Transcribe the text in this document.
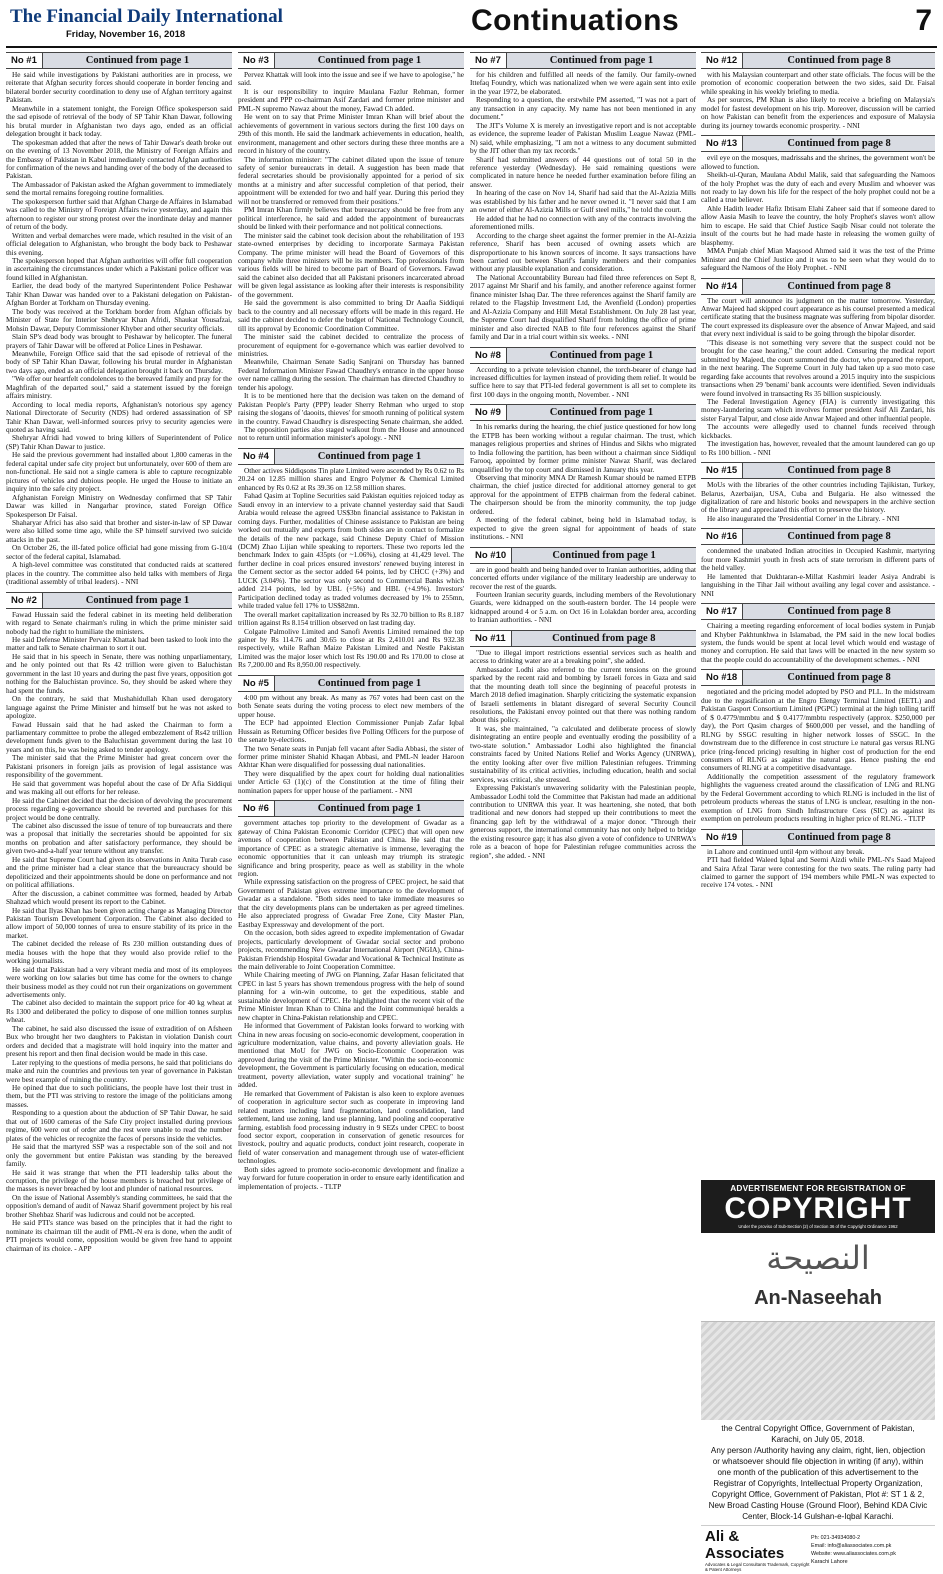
The Financial Daily International
Friday, November 16, 2018	Continuations	7
No #1	Continued from page 1

He said while investigations by Pakistani authorities are in process, we reiterate that Afghan security forces should cooperate in border fencing and bilateral border security coordination to deny use of Afghan territory against Pakistan.

Meanwhile in a statement tonight, the Foreign Office spokesperson said the sad episode of retrieval of the body of SP Tahir Khan Dawar, following his brutal murder in Afghanistan two days ago, ended as an official delegation brought it back today.

The spokesman added that after the news of Tahir Dawar's death broke out on the evening of 13 November 2018, the Ministry of Foreign Affairs and the Embassy of Pakistan in Kabul immediately contacted Afghan authorities for confirmation of the news and handing over of the body of the deceased to Pakistan.

The Ambassador of Pakistan asked the Afghan government to immediately send the mortal remains foregoing routine formalities.

The spokesperson further said that Afghan Charge de Affaires in Islamabad was called to the Ministry of Foreign Affairs twice yesterday, and again this afternoon to register our strong protest over the inordinate delay and manner of return of the body.

Written and verbal demarches were made, which resulted in the visit of an official delegation to Afghanistan, who brought the body back to Peshawar this evening.

The spokesperson hoped that Afghan authorities will offer full cooperation in ascertaining the circumstances under which a Pakistani police officer was found killed in Afghanistan.

Earlier, the dead body of the martyred Superintendent Police Peshawar Tahir Khan Dawar was handed over to a Pakistani delegation on Pakistan-Afghan Border at Torkham on Thursday evening.

The body was received at the Torkham border from Afghan officials by Minister of State for Interior Shehryar Khan Afridi, Shaukat Yousafzai, Mohsin Dawar, Deputy Commissioner Khyber and other security officials.

Slain SP's dead body was brought to Peshawar by helicopter. The funeral prayers of Tahir Dawar will be offered at Police Lines in Peshawar.

Meanwhile, Foreign Office said that the sad episode of retrieval of the body of SP Tahir Khan Dawar, following his brutal murder in Afghanistan two days ago, ended as an official delegation brought it back on Thursday.

"We offer our heartfelt condolences to the bereaved family and pray for the Maghfirah of the departed soul," said a statement issued by the foreign affairs ministry.

According to local media reports, Afghanistan's notorious spy agency National Directorate of Security (NDS) had ordered assassination of SP Tahir Khan Dawar, well-informed sources privy to security agencies were quoted as having said.

Shehryar Afridi had vowed to bring killers of Superintendent of Police (SP) Tahir Khan Dawar to justice.

He said the previous government had installed about 1,800 cameras in the federal capital under safe city project but unfortunately, over 600 of them are non-functional. He said not a single camera is able to capture recognizable pictures of vehicles and dubious people. He urged the House to initiate an inquiry into the safe city project.

Afghanistan Foreign Ministry on Wednesday confirmed that SP Tahir Dawar was killed in Nangarhar province, stated Foreign Office Spokesperson Dr Faisal.

Shaharyar Africi has also said that brother and sister-in-law of SP Dawar were also killed some time ago, while the SP himself survived two suicide attacks in the past.

On October 26, the ill-fated police official had gone missing from G-10/4 sector of the federal capital, Islamabad.

A high-level committee was constituted that conducted raids at scattered places in the country. The committee also held talks with members of Jirga (traditional assembly of tribal leaders). - NNI

No #2	Continued from page 1

Fawad Hussain said the federal cabinet in its meeting held deliberation with regard to Senate chairman's ruling in which the prime minister said nobody had the right to humiliate the ministers.

He said Defense Minister Pervaiz Khattak had been tasked to look into the matter and talk to Senate chairman to sort it out.

He said that in his speech in Senate, there was nothing unparliamentary, and he only pointed out that Rs 42 trillion were given to Baluchistan government in the last 10 years and during the past five years, opposition got nothing for the Baluchistan province. So, they should be asked where they had spent the funds.

On the contrary, he said that Mushahidullah Khan used derogatory language against the Prime Minister and himself but he was not asked to apologize.

Fawad Hussain said that he had asked the Chairman to form a parliamentary committee to probe the alleged embezzlement of Rs42 trillion development funds given to the Baluchistan government during the last 10 years and on this, he was being asked to tender apology.

The minister said that the Prime Minister had great concern over the Pakistani prisoners in foreign jails as provision of legal assistance was responsibility of the government.

He said that government was hopeful about the case of Dr Afia Siddiqui and was making all out efforts for her release.

He said the Cabinet decided that the decision of devolving the procurement process regarding e-governance should be reverted and purchases for this project would be done centrally.

The cabinet also discussed the issue of tenure of top bureaucrats and there was a proposal that initially the secretaries should be appointed for six months on probation and after satisfactory performance, they should be given two-and-a-half year tenure without any transfer.

He said that Supreme Court had given its observations in Anita Turab case and the prime minister had a clear stance that the bureaucracy should be depoliticized and their appointments should be done on performance and not on political affiliations.

After the discussion, a cabinet committee was formed, headed by Arbab Shahzad which would present its report to the Cabinet.

He said that Ilyas Khan has been given acting charge as Managing Director Pakistan Tourism Development Corporation. The Cabinet also decided to allow import of 50,000 tonnes of urea to ensure stability of its price in the market.

The cabinet decided the release of Rs 230 million outstanding dues of media houses with the hope that they would also provide relief to the working journalists.

He said that Pakistan had a very vibrant media and most of its employees were working on low salaries but time has come for the owners to change their business model as they could not run their organizations on government advertisements only.

The cabinet also decided to maintain the support price for 40 kg wheat at Rs 1300 and deliberated the policy to dispose of one million tonnes surplus wheat.

The cabinet, he said also discussed the issue of extradition of on Afsheen Bux who brought her two daughters to Pakistan in violation Danish court orders and decided that a magistrate will hold inquiry into the matter and present his report and then final decision would be made in this case.

Later replying to the questions of media persons, he said that politicians do make and ruin the countries and previous ten year of governance in Pakistan were best example of ruining the country.

He opined that due to such politicians, the people have lost their trust in them, but the PTI was striving to restore the image of the politicians among masses.

Responding to a question about the abduction of SP Tahir Dawar, he said that out of 1600 cameras of the Safe City project installed during previous regime, 600 were out of order and the rest were unable to read the number plates of the vehicles or recognize the faces of persons inside the vehicles.

He said that the martyred SSP was a respectable son of the soil and not only the government but entire Pakistan was standing by the bereaved family.

He said it was strange that when the PTI leadership talks about the corruption, the privilege of the house members is breached but privilege of the masses is never breached by loot and plunder of national resources.

On the issue of National Assembly's standing committees, he said that the opposition's demand of audit of Nawaz Sharif government project by his real brother Shehbaz Sharif was ludicrous and could not be accepted.

He said PTI's stance was based on the principles that it had the right to nominate its chairman till the audit of PML-N era is done, when the audit of PTI projects would come, opposition would be given free hand to appoint chairman of its choice. - APP

No #3	Continued from page 1

Pervez Khattak will look into the issue and see if we have to apologise," he said.

It is our responsibility to inquire Maulana Fazlur Rehman, former president and PPP co-chairman Asif Zardari and former prime minister and PML-N supremo Nawaz about the money, Fawad Ch added.

He went on to say that Prime Minister Imran Khan will brief about the achievements of government in various sectors during the first 100 days on 29th of this month. He said the landmark achievements in education, health, environment, management and other sectors during these three months are a record in history of the country.

The information minister: "The cabinet dilated upon the issue of tenure safety of senior bureaucrats in detail. A suggestion has been made that federal secretaries should be provisionally appointed for a period of six months at a ministry and after successful completion of that period, their appointment will be extended for two and half year. During this period they will not be transferred or removed from their positions."

PM Imran Khan firmly believes that bureaucracy should be free from any political interference, he said and added the appointment of bureaucrats should be linked with their performance and not political connections.

The minister said the cabinet took decision about the rehabilitation of 193 state-owned enterprises by deciding to incorporate Sarmaya Pakistan Company. The prime minister will head the Board of Governors of this company while three ministers will be its members. Top professionals from various fields will be hired to become part of Board of Governors. Fawad said the cabinet also decided that all Pakistani prisoners incarcerated abroad will be given legal assistance as looking after their interests is responsibility of the government.

He said the government is also committed to bring Dr Aaafia Siddiqui back to the country and all necessary efforts will be made in this regard. He said the cabinet decided to defer the budget of National Technology Council, till its approval by Economic Coordination Committee.

The minister said the cabinet decided to centralize the process of procurement of equipment for e-governance which was earlier devolved to ministries.

Meanwhile, Chairman Senate Sadiq Sanjrani on Thursday has banned Federal Information Minister Fawad Chaudhry's entrance in the upper house over name calling during the session. The chairman has directed Chaudhry to tender his apology.

It is to be mentioned here that the decision was taken on the demand of Pakistan People's Party (PPP) leader Sherry Rehman who urged to stop raising the slogans of 'daooits, thieves' for smooth running of political system in the country. Fawad Chaudhry is disrespecting Senate chairman, she added.

The opposition parties also staged walkout from the House and announced not to return until information minister's apology. - NNI

No #4	Continued from page 1

Other actives Siddiqsons Tin plate Limited were ascended by Rs 0.62 to Rs 20.24 on 12.85 million shares and Engro Polymer & Chemical Limited enhanced by Rs 0.62 at Rs 39.36 on 12.58 million shares.

Fahad Qasim at Topline Securities said Pakistan equities rejoiced today as Saudi envoy in an interview to a private channel yesterday said that Saudi Arabia would release the agreed US$3bn financial assistance to Pakistan in coming days. Further, modalities of Chinese assistance to Pakistan are being worked out mutually and experts from both sides are in contact to formalize the details of the new package, said Chinese Deputy Chief of Mission (DCM) Zhao Lijian while speaking to reporters. These two reports led the benchmark Index to gain 435pts (or ~1.06%), closing at 41,429 level. The further decline in coal prices ensured investors' renewed buying interest in the Cement sector as the sector added 64 points, led by CHCC (+3%) and LUCK (3.04%). The sector was only second to Commercial Banks which added 214 points, led by UBL (+5%) and HBL (+4.9%). Investors' Participation declined today as traded volumes decreased by 1% to 255mn, while traded value fell 17% to US$82mn.

The overall market capitalization increased by Rs 32.70 billion to Rs 8.187 trillion against Rs 8.154 trillion observed on last trading day.

Colgate Palmolive Limited and Sanofi Aventis Limited remained the top gainer by Rs 114.76 and 30.65 to close at Rs 2,410.01 and Rs 932.38 respectively, while Rafhan Maize Pakistan Limited and Nestle Pakistan Limited was the major loser which lost Rs 190.00 and Rs 170.00 to close at Rs 7,200.00 and Rs 8,950.00 respectively.

No #5	Continued from page 1

4:00 pm without any break. As many as 767 votes had been cast on the both Senate seats during the voting process to elect new members of the upper house.

The ECP had appointed Election Commissioner Punjab Zafar Iqbal Hussain as Returning Officer besides five Polling Officers for the purpose of the senate by-elections.

The two Senate seats in Punjab fell vacant after Sadia Abbasi, the sister of former prime minister Shahid Khaqan Abbasi, and PML-N leader Haroon Akhtar Khan were disqualified for possessing dual nationalities.

They were disqualified by the apex court for holding dual nationalities under Article 63 (1)(c) of the Constitution at the time of filing their nomination papers for upper house of the parliament. - NNI

No #6	Continued from page 1

government attaches top priority to the development of Gwadar as a gateway of China Pakistan Economic Corridor (CPEC) that will open new avenues of cooperation between Pakistan and China. He said that the importance of CPEC as a strategic alternative is immense, leveraging the economic opportunities that it can unleash may triumph its strategic significance and bring prosperity, peace as well as stability in the whole region.

While expressing satisfaction on the progress of CPEC project, he said that Government of Pakistan gives extreme importance to the development of Gwadar as a standalone. "Both sides need to take immediate measures so that the city developments plans can be undertaken as per agreed timelines. He also appreciated progress of Gwadar Free Zone, City Master Plan, Eastbay Expressway and development of the port.

On the occasion, both sides agreed to expedite implementation of Gwadar projects, particularly development of Gwadar social sector and probono projects, recommending New Gwadar International Airport (NGIA), China-Pakistan Friendship Hospital Gwadar and Vocational & Technical Institute as the main deliverable to Joint Cooperation Committee.

While Chairing meeting of JWG on Planning, Zafar Hasan felicitated that CPEC in last 5 years has shown tremendous progress with the help of sound planning for a win-win outcome, to get the expeditious, stable and sustainable development of CPEC. He highlighted that the recent visit of the Prime Minister Imran Khan to China and the Joint communiqué heralds a new chapter in China-Pakistan relationship and CPEC.

He informed that Government of Pakistan looks forward to working with China in new areas focusing on socio-economic development, cooperation in agriculture modernization, value chains, and poverty alleviation goals. He mentioned that MoU for JWG on Socio-Economic Cooperation was approved during the visit of the Prime Minister. "Within the socio-economic development, the Government is particularly focusing on education, medical treatment, poverty alleviation, water supply and vocational training" he added.

He remarked that Government of Pakistan is also keen to explore avenues of cooperation in agriculture sector such as cooperate in improving land related matters including land fragmentation, land consolidation, land settlement, land use zoning, land use planning, land pooling and cooperative farming, establish food processing industry in 9 SEZs under CPEC to boost food sector export, cooperation in conservation of genetic resources for livestock, poultry and aquatic products, conduct joint research, cooperate in field of water conservation and management through use of water-efficient technologies.

Both sides agreed to promote socio-economic development and finalize a way forward for future cooperation in order to ensure early identification and implementation of projects. - TLTP

No #7	Continued from page 1

for his children and fulfilled all needs of the family. Our family-owned Ittefaq Foundry, which was nationalized when we were again sent into exile in the year 1972, be elaborated.

Responding to a question, the erstwhile PM asserted, "I was not a part of any transaction in any capacity. My name has not been mentioned in any document."

The JIT's Volume X is merely an investigative report and is not acceptable as evidence, the supreme leader of Pakistan Muslim League Nawaz (PML-N) said, while emphasizing, "I am not a witness to any document submitted by the JIT other than my tax records."

Sharif had submitted answers of 44 questions out of total 50 in the reference yesterday (Wednesday). He said remaining questions were complicated in nature hence he needed further examination before filing an answer.

In hearing of the case on Nov 14, Sharif had said that the Al-Azizia Mills was established by his father and he never owned it. "I never said that I am an owner of either Al-Azizia Mills or Gulf steel mills," he told the court.

He added that he had no connection with any of the contracts involving the aforementioned mills.

According to the charge sheet against the former premier in the Al-Azizia reference, Sharif has been accused of owning assets which are disproportionate to his known sources of income. It says transactions have been carried out between Sharif's family members and their companies without any plausible explanation and consideration.

The National Accountability Bureau had filed three references on Sept 8, 2017 against Mr Sharif and his family, and another reference against former finance minister Ishaq Dar. The three references against the Sharif family are related to the Flagship Investment Ltd, the Avenfield (London) properties and Al-Azizia Company and Hill Metal Establishment. On July 28 last year, the Supreme Court had disqualified Sharif from holding the office of prime minister and also directed NAB to file four references against the Sharif family and Dar in a trial court within six weeks. - NNI

No #8	Continued from page 1

According to a private television channel, the torch-bearer of change had increased difficulties for laymen instead of providing them relief. It would be suffice here to say that PTI-led federal government is all set to complete its first 100 days in the ongoing month, November. - NNI

No #9	Continued from page 1

In his remarks during the hearing, the chief justice questioned for how long the ETPB has been working without a regular chairman. The trust, which manages religious properties and shrines of Hindus and Sikhs who migrated to India following the partition, has been without a chairman since Siddiqul Farooq, appointed by former prime minister Nawaz Sharif, was declared unqualified by the top court and dismissed in January this year.

Observing that minority MNA Dr Ramesh Kumar should be named ETPB chairman, the chief justice directed for additional attorney general to get approval for the appointment of ETPB chairman from the federal cabinet. The chairperson should be from the minority community, the top judge ordered.

A meeting of the federal cabinet, being held in Islamabad today, is expected to give the green signal for appointment of heads of state institutions. - NNI

No #10	Continued from page 1

are in good health and being handed over to Iranian authorities, adding that concerted efforts under vigilance of the military leadership are underway to recover the rest of the guards.

Fourteen Iranian security guards, including members of the Revolutionary Guards, were kidnapped on the south-eastern border. The 14 people were kidnapped around 4 or 5 a.m. on Oct 16 in Lolakdan border area, according to Iranian authorities. - NNI

No #11	Continued from page 8

"Due to illegal import restrictions essential services such as health and access to drinking water are at a breaking point", she added.

Ambassador Lodhi also referred to the current tensions on the ground sparked by the recent raid and bombing by Israeli forces in Gaza and said that the mounting death toll since the beginning of peaceful protests in March 2018 defied imagination. Sharply criticizing the systematic expansion of Israeli settlements in blatant disregard of several Security Council resolutions, the Pakistani envoy pointed out that there was nothing random about this policy.

It was, she maintained, "a calculated and deliberate process of slowly disintegrating an entire people and eventually eroding the possibility of a two-state solution." Ambassador Lodhi also highlighted the financial constraints faced by United Nations Relief and Works Agency (UNRWA), the entity looking after over five million Palestinian refugees. Trimming sustainability of its critical activities, including education, health and social services, was critical, she stressed.

Expressing Pakistan's unwavering solidarity with the Palestinian people, Ambassador Lodhi told the Committee that Pakistan had made an additional contribution to UNRWA this year. It was heartening, she noted, that both traditional and new donors had stepped up their contributions to meet the financing gap left by the withdrawal of a major donor. "Through their generous support, the international community has not only helped to bridge the existing resource gap; it has also given a vote of confidence to UNRWA's role as a beacon of hope for Palestinian refugee communities across the region", she added. - NNI

No #12	Continued from page 8

with his Malaysian counterpart and other state officials. The focus will be the promotion of economic cooperation between the two sides, said Dr. Faisal while speaking in his weekly briefing to media.

As per sources, PM Khan is also likely to receive a briefing on Malaysia's model for fastest development on his trip. Moreover, discussion will be carried on how Pakistan can benefit from the experiences and exposure of Malaysia during its journey towards economic prosperity. - NNI

No #13	Continued from page 8

evil eye on the mosques, madrissahs and the shrines, the government won't be allowed to function.

Sheikh-ul-Quran, Maulana Abdul Malik, said that safeguarding the Namoos of the holy Prophet was the duty of each and every Muslim and whoever was not ready to lay down his life for the respect of the holy prophet could not be a called a true believer.

Ahle Hadith leader Hafiz Ibtisam Elahi Zaheer said that if someone dared to allow Aasia Masih to leave the country, the holy Prophet's slaves won't allow him to escape. He said that Chief Justice Saqib Nisar could not tolerate the insult of the courts but he had made haste in releasing the women guilty of blasphemy.

MMA Punjab chief Mian Maqsood Ahmed said it was the test of the Prime Minister and the Chief Justice and it was to be seen what they would do to safeguard the Namoos of the Holy Prophet. - NNI

No #14	Continued from page 8

The court will announce its judgment on the matter tomorrow. Yesterday, Anwar Majeed had skipped court appearance as his counsel presented a medical certificate stating that the business magnate was suffering from bipolar disorder. The court expressed its displeasure over the absence of Anwar Majeed, and said that every next individual is said to be going through the bipolar disorder.

"This disease is not something very severe that the suspect could not be brought for the case hearing," the court added. Censuring the medical report submitted by Majeed, the court summoned the doctor, who prepared the report, in the next hearing. The Supreme Court in July had taken up a suo moto case regarding fake accounts that revolves around a 2015 inquiry into the suspicious transactions when 29 'benami' bank accounts were identified. Seven individuals were found involved in transacting Rs 35 billion suspiciously.

The Federal Investigation Agency (FIA) is currently investigating this money-laundering scam which involves former president Asif Ali Zardari, his sister Faryal Talpur, and close aide Anwar Majeed and other influential people.

The accounts were allegedly used to channel funds received through kickbacks.

The investigation has, however, revealed that the amount laundered can go up to Rs 100 billion. - NNI

No #15	Continued from page 8

MoUs with the libraries of the other countries including Tajikistan, Turkey, Belarus, Azerbaijan, USA, Cuba and Bulgaria. He also witnessed the digitalization of rare and historic books and newspapers in the archive section of the library and appreciated this effort to preserve the history.

He also inaugurated the 'Presidential Corner' in the Library. - NNI

No #16	Continued from page 8

condemned the unabated Indian atrocities in Occupied Kashmir, martyring four more Kashmiri youth in fresh acts of state terrorism in different parts of the held valley.

He lamented that Dukhtaran-e-Millat Kashmiri leader Asiya Andrabi is languishing in the Tihar Jail without availing any legal cover and assistance. - NNI

No #17	Continued from page 8

Chairing a meeting regarding enforcement of local bodies system in Punjab and Khyber Pakhtunkhwa in Islamabad, the PM said in the new local bodies system, the funds would be spent at local level which would end wastage of money and corruption. He said that laws will be enacted in the new system so that the people could do accountability of the development schemes. - NNI

No #18	Continued from page 8

negotiated and the pricing model adopted by PSO and PLL. In the midstream due to the regasification at the Engro Elengy Terminal Limited (EETL) and Pakistan Gasport Consortium Limited (PGPC) terminal at the high tolling tariff of $ 0.4779/mmbtu and $ 0.4177/mmbtu respectively (approx. $250,000 per day), the Port Qasim charges of $600,000 per vessel, and the handling of RLNG by SSGC resulting in higher network losses of SSGC. In the downstream due to the difference in cost structure i.e natural gas versus RLNG price (ring-fenced pricing) resulting in higher cost of production for the end consumers of RLNG as against the natural gas. Hence pushing the end consumers of RLNG at a competitive disadvantage.

Additionally the competition assessment of the regulatory framework highlights the vagueness created around the classification of LNG and RLNG by the Federal Government according to which RLNG is included in the list of petroleum products whereas the status of LNG is unclear, resulting in the non-exemption of LNG from Sindh Infrastructure Cess (SIC) as against its exemption on petroleum products resulting in higher price of RLNG. - TLTP

No #19	Continued from page 8

in Lahore and continued until 4pm without any break.

PTI had fielded Waleed Iqbal and Seemi Aizdi while PML-N's Saad Majeed and Saira Afzal Tarar were contesting for the two seats. The ruling party had claimed to garner the support of 194 members while PML-N was expected to receive 174 votes. - NNI

ADVERTISEMENT FOR REGISTRATION OF
COPYRIGHT
Under the proviso of Sub-Section (2) of Section 36 of the Copyright Ordinance 1962
النصيحة
An-Naseehah
the Central Copyright Office, Government of Pakistan, Karachi, on July 05, 2018.
Any person /Authority having any claim, right, lien, objection or whatsoever should file objection in writing (if any), within one month of the publication of this advertisement to the Registrar of Copyrights, Intellectual Property Organization, Copyright Office, Government of Pakistan, Plot #: ST 1 & 2, New Broad Casting House (Ground Floor), Behind KDA Civic Center, Block-14 Gulshan-e-Iqbal Karachi.
Ali & Associates
Advocates & Legal Consultants Trademark, Copyright & Patent Attorneys
Ph: 021-34934080-2
Email: info@aliassociates.com.pk
Website: www.aliassociates.com.pk
Karachi Lahore
